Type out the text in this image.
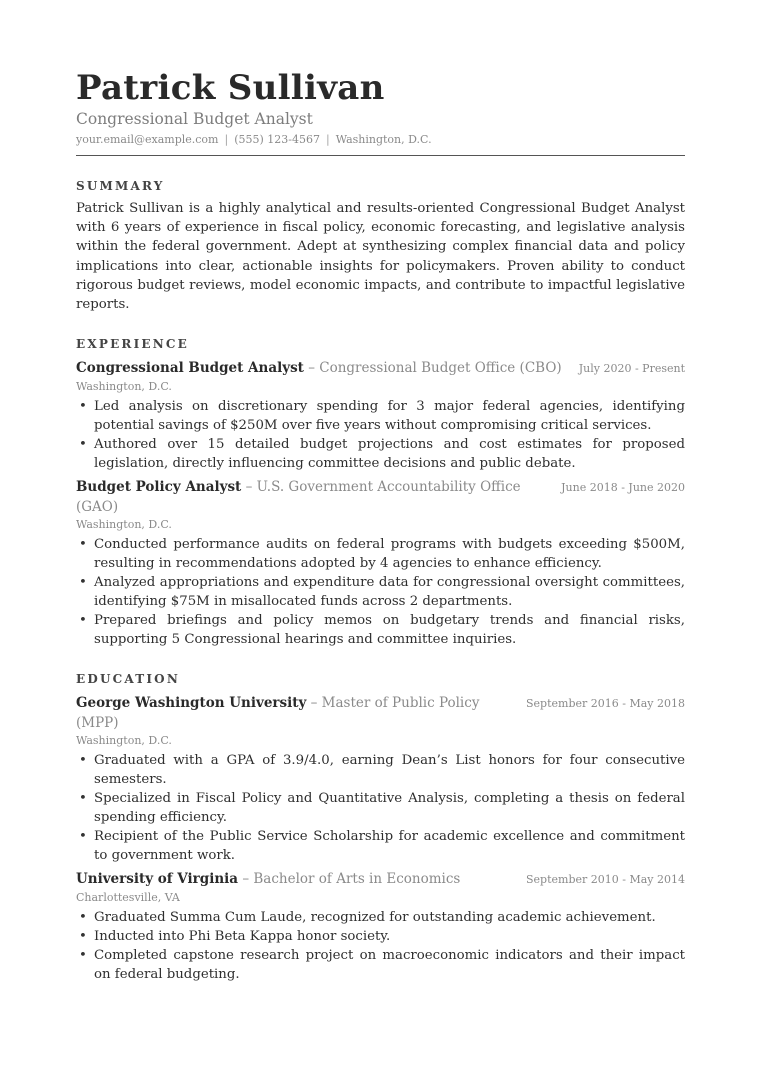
Patrick Sullivan
Congressional Budget Analyst
your.email@example.com | (555) 123-4567 | Washington, D.C.
SUMMARY
Patrick Sullivan is a highly analytical and results-oriented Congressional Budget Analyst with 6 years of experience in fiscal policy, economic forecasting, and legislative analysis within the federal government. Adept at synthesizing complex financial data and policy implications into clear, actionable insights for policymakers. Proven ability to conduct rigorous budget reviews, model economic impacts, and contribute to impactful legislative reports.
EXPERIENCE
Congressional Budget Analyst – Congressional Budget Office (CBO) July 2020 - Present
Washington, D.C.
• Led analysis on discretionary spending for 3 major federal agencies, identifying potential savings of $250M over five years without compromising critical services.
• Authored over 15 detailed budget projections and cost estimates for proposed legislation, directly influencing committee decisions and public debate.
Budget Policy Analyst – U.S. Government Accountability Office (GAO)
June 2018 - June 2020
Washington, D.C.
• Conducted performance audits on federal programs with budgets exceeding $500M, resulting in recommendations adopted by 4 agencies to enhance efficiency.
• Analyzed appropriations and expenditure data for congressional oversight committees, identifying $75M in misallocated funds across 2 departments.
• Prepared briefings and policy memos on budgetary trends and financial risks, supporting 5 Congressional hearings and committee inquiries.
EDUCATION
George Washington University – Master of Public Policy (MPP)
September 2016 - May 2018
Washington, D.C.
• Graduated with a GPA of 3.9/4.0, earning Dean’s List honors for four consecutive semesters.
• Specialized in Fiscal Policy and Quantitative Analysis, completing a thesis on federal spending efficiency.
• Recipient of the Public Service Scholarship for academic excellence and commitment to government work.
University of Virginia – Bachelor of Arts in Economics	September 2010 - May 2014
Charlottesville, VA
• Graduated Summa Cum Laude, recognized for outstanding academic achievement.
• Inducted into Phi Beta Kappa honor society.
• Completed capstone research project on macroeconomic indicators and their impact on federal budgeting.
